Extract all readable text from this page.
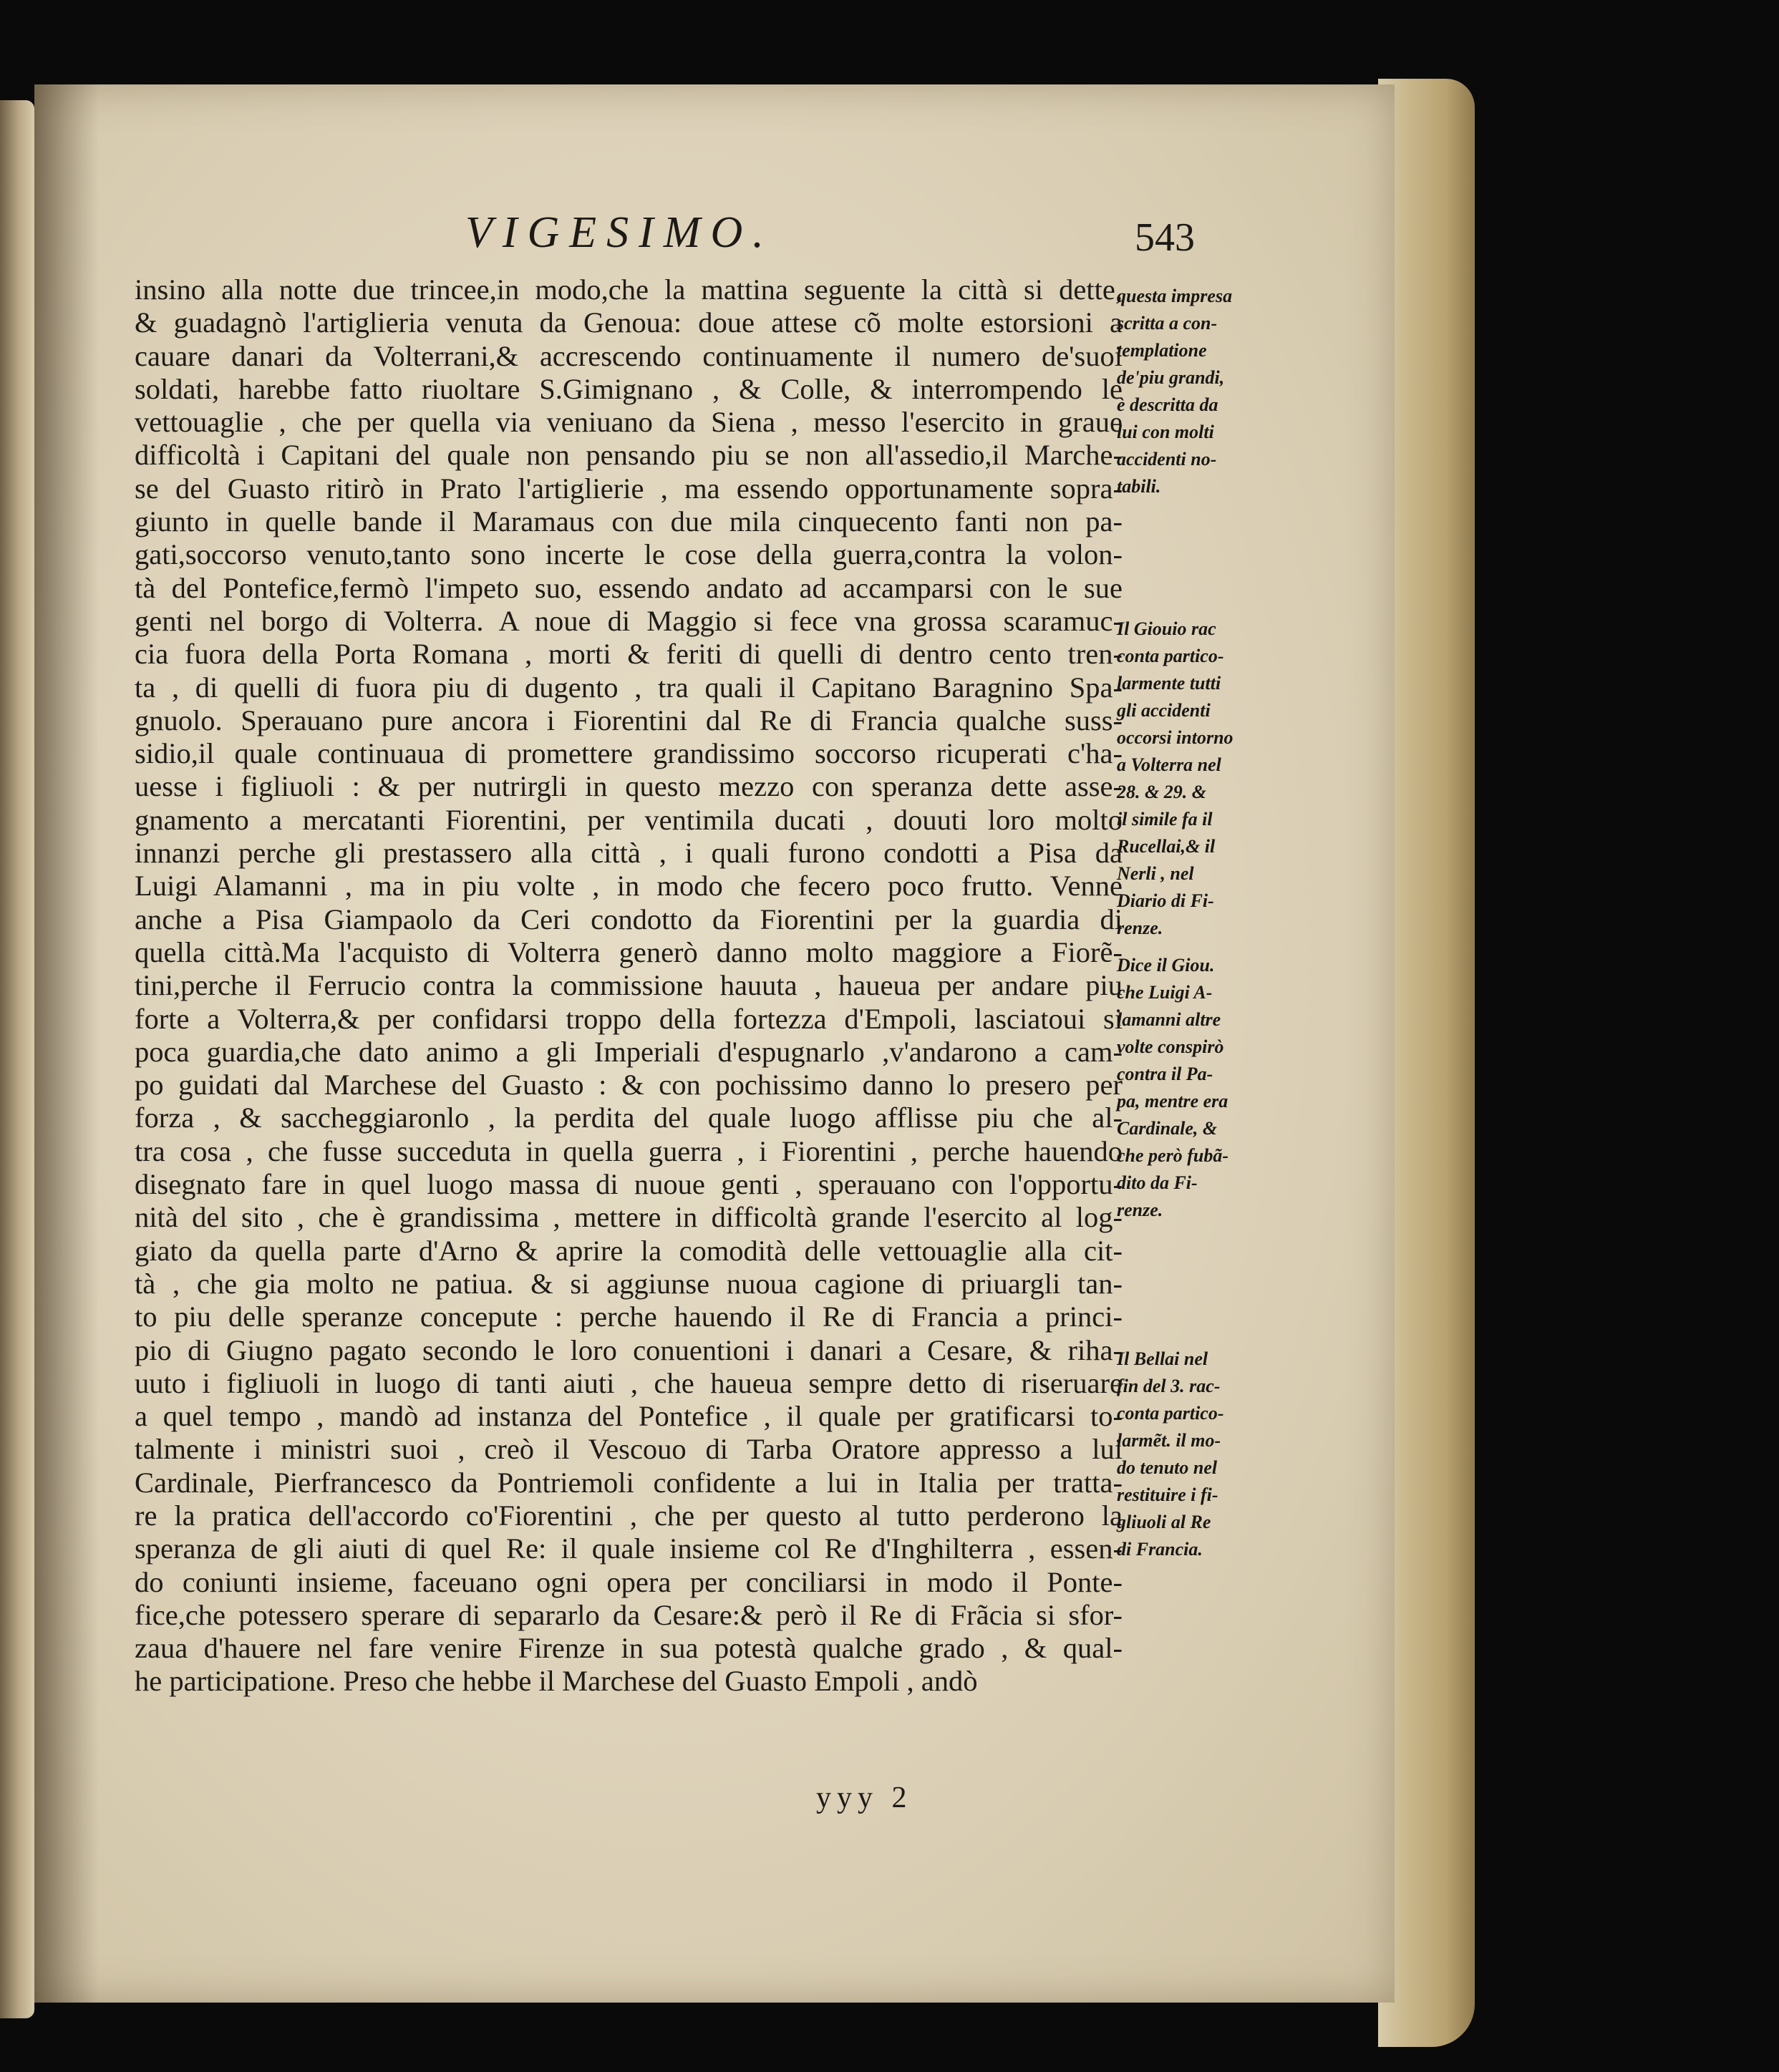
VIGESIMO.	543
insino alla notte due trincee,in modo,che la mattina seguente la città si dette,
& guadagnò l'artiglieria venuta da Genoua: doue attese cõ molte estorsioni a
cauare danari da Volterrani,& accrescendo continuamente il numero de'suoi
soldati, harebbe fatto riuoltare S.Gimignano , & Colle, & interrompendo le
vettouaglie , che per quella via veniuano da Siena , messo l'esercito in graue
difficoltà i Capitani del quale non pensando piu se non all'assedio,il Marche-
se del Guasto ritirò in Prato l'artiglierie , ma essendo opportunamente sopra-
giunto in quelle bande il Maramaus con due mila cinquecento fanti non pa-
gati,soccorso venuto,tanto sono incerte le cose della guerra,contra la volon-
tà del Pontefice,fermò l'impeto suo, essendo andato ad accamparsi con le sue
genti nel borgo di Volterra. A noue di Maggio si fece vna grossa scaramuc-
cia fuora della Porta Romana , morti & feriti di quelli di dentro cento tren-
ta , di quelli di fuora piu di dugento , tra quali il Capitano Baragnino Spa-
gnuolo. Sperauano pure ancora i Fiorentini dal Re di Francia qualche suss-
sidio,il quale continuaua di promettere grandissimo soccorso ricuperati c'ha-
uesse i figliuoli : & per nutrirgli in questo mezzo con speranza dette asse-
gnamento a mercatanti Fiorentini, per ventimila ducati , douuti loro molto
innanzi perche gli prestassero alla città , i quali furono condotti a Pisa da
Luigi Alamanni , ma in piu volte , in modo che fecero poco frutto. Venne
anche a Pisa Giampaolo da Ceri condotto da Fiorentini per la guardia di
quella città.Ma l'acquisto di Volterra generò danno molto maggiore a Fiorẽ-
tini,perche il Ferrucio contra la commissione hauuta , haueua per andare piu
forte a Volterra,& per confidarsi troppo della fortezza d'Empoli, lasciatoui si
poca guardia,che dato animo a gli Imperiali d'espugnarlo ,v'andarono a cam-
po guidati dal Marchese del Guasto : & con pochissimo danno lo presero per
forza , & saccheggiaronlo , la perdita del quale luogo afflisse piu che al-
tra cosa , che fusse succeduta in quella guerra , i Fiorentini , perche hauendo
disegnato fare in quel luogo massa di nuoue genti , sperauano con l'opportu-
nità del sito , che è grandissima , mettere in difficoltà grande l'esercito al log-
giato da quella parte d'Arno & aprire la comodità delle vettouaglie alla cit-
tà , che gia molto ne patiua. & si aggiunse nuoua cagione di priuargli tan-
to piu delle speranze concepute : perche hauendo il Re di Francia a princi-
pio di Giugno pagato secondo le loro conuentioni i danari a Cesare, & riha-
uuto i figliuoli in luogo di tanti aiuti , che haueua sempre detto di riseruare
a quel tempo , mandò ad instanza del Pontefice , il quale per gratificarsi to-
talmente i ministri suoi , creò il Vescouo di Tarba Oratore appresso a lui
Cardinale, Pierfrancesco da Pontriemoli confidente a lui in Italia per tratta-
re la pratica dell'accordo co'Fiorentini , che per questo al tutto perderono la
speranza de gli aiuti di quel Re: il quale insieme col Re d'Inghilterra , essen-
do coniunti insieme, faceuano ogni opera per conciliarsi in modo il Ponte-
fice,che potessero sperare di separarlo da Cesare:& però il Re di Frãcia si sfor-
zaua d'hauere nel fare venire Firenze in sua potestà qualche grado , & qual-
he participatione. Preso che hebbe il Marchese del Guasto Empoli , andò
questa impresa
scritta a con-
templatione
de'piu grandi,
è descritta da
lui con molti
accidenti no-
tabili.
Il Giouio rac
conta partico-
larmente tutti
gli accidenti
occorsi intorno
a Volterra nel
28. & 29. &
il simile fa il
Rucellai,& il
Nerli , nel
Diario di Fi-
renze.
Dice il Giou.
che Luigi A-
lamanni altre
volte conspirò
contra il Pa-
pa, mentre era
Cardinale, &
che però fubã-
dito da Fi-
renze.
Il Bellai nel
fin del 3. rac-
conta partico-
larmẽt. il mo-
do tenuto nel
restituire i fi-
gliuoli al Re
di Francia.
yyy 2
